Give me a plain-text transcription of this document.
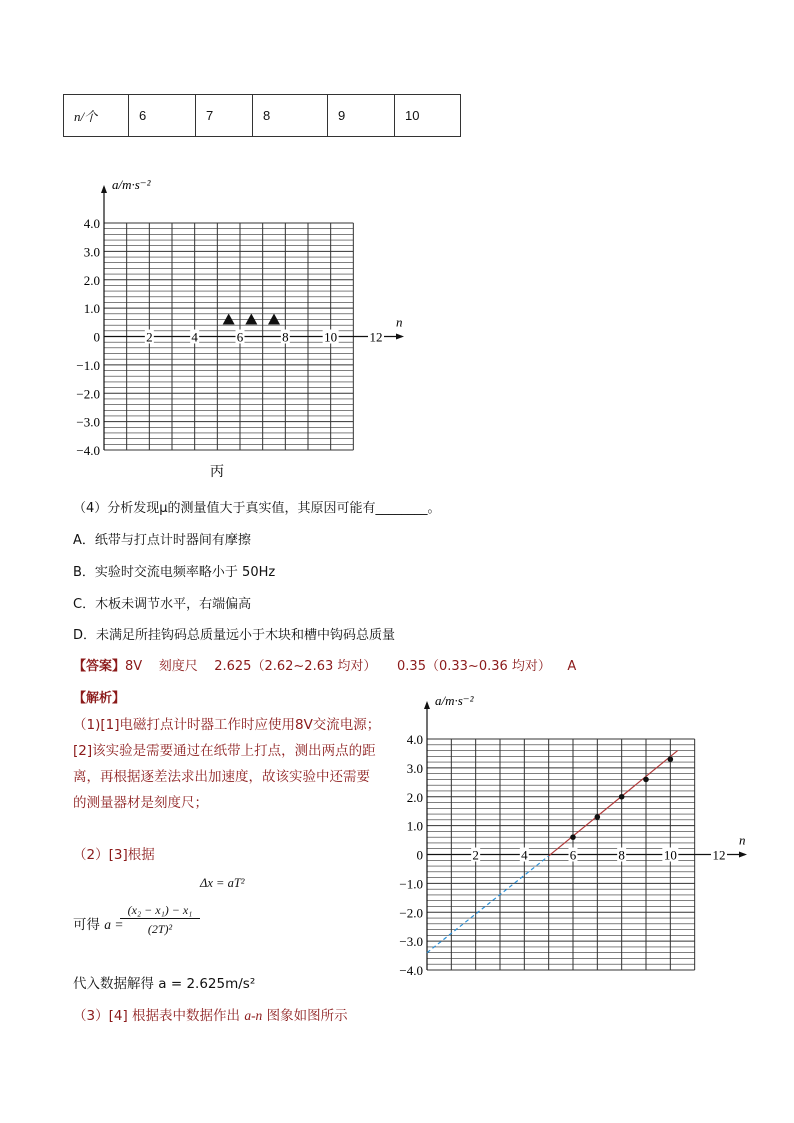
n/个	6	7	8	9	10
4.0
3.0
2.0
1.0
0
−1.0
−2.0
−3.0
−4.0
2	4	6	8	10 12
a/m·s⁻²
n
丙
（4）分析发现μ的测量值大于真实值，其原因可能有________。
A．纸带与打点计时器间有摩擦
B．实验时交流电频率略小于 50Hz
C．木板未调节水平，右端偏高
D．未满足所挂钩码总质量远小于木块和槽中钩码总质量
【答案】8V    刻度尺    2.625（2.62~2.63 均对）     0.35（0.33~0.36 均对）    A
【解析】
（1)[1]电磁打点计时器工作时应使用8V交流电源；[2]该实验是需要通过在纸带上打点，测出两点的距离，再根据逐差法求出加速度，故该实验中还需要的测量器材是刻度尺；
（2）[3]根据
Δx = aT²
可得 a =
(x₂ − x₁) − x₁
(2T)²
代入数据解得 a = 2.625m/s²
（3）[4] 根据表中数据作出 a-n 图象如图所示
4.0
3.0
2.0
1.0
0
−1.0
−2.0
−3.0
−4.0
2	4	6	8	10	12
a/m·s⁻²
n
